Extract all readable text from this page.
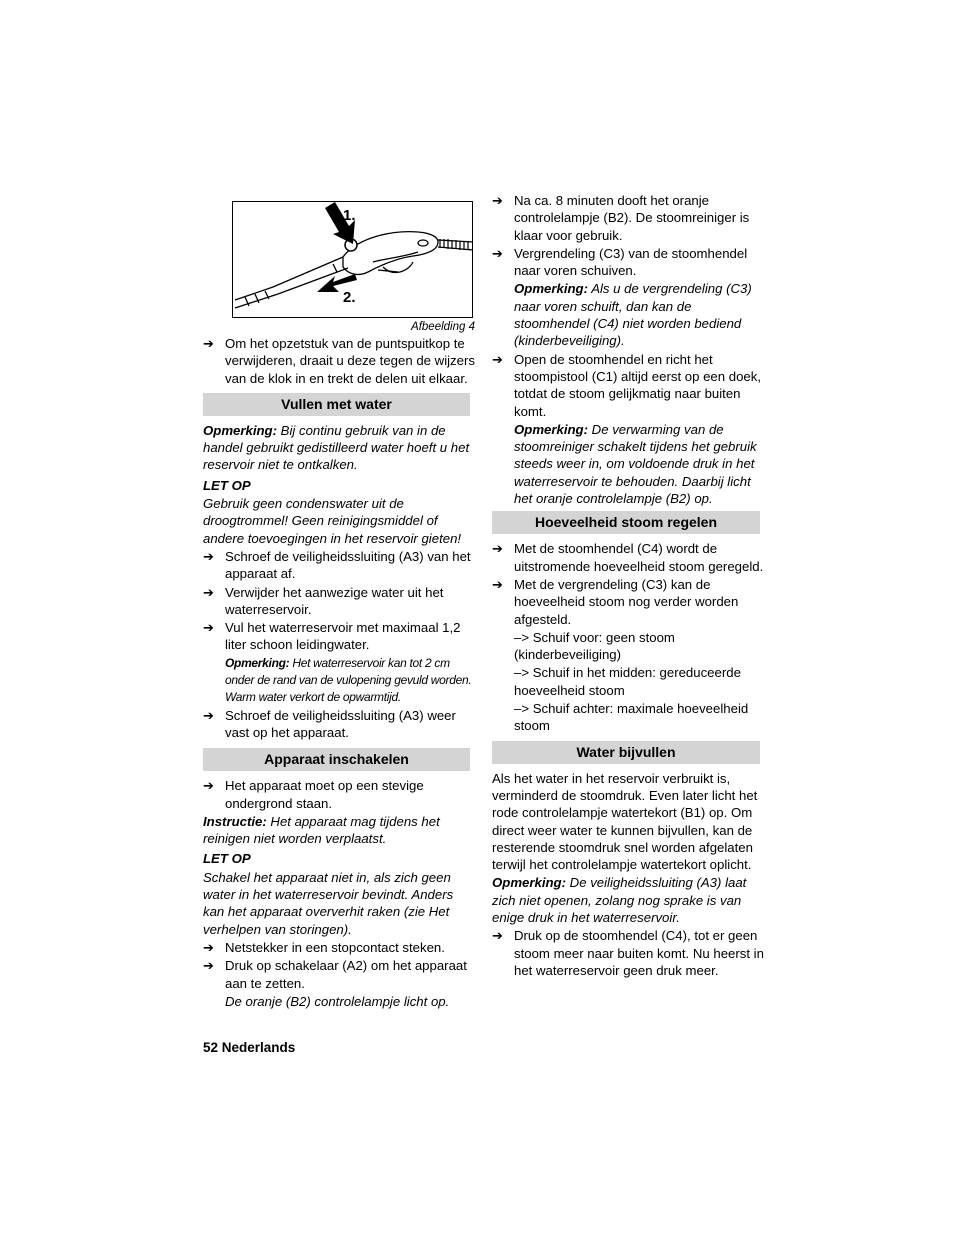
1.
2.
Afbeelding 4
➔ Om het opzetstuk van de puntspuitkop te verwijderen, draait u deze tegen de wijzers van de klok in en trekt de delen uit elkaar.
Vullen met water
Opmerking: Bij continu gebruik van in de handel gebruikt gedistilleerd water hoeft u het reservoir niet te ontkalken.
LET OP
Gebruik geen condenswater uit de droogtrommel! Geen reinigingsmiddel of andere toevoegingen in het reservoir gieten!
➔ Schroef de veiligheidssluiting (A3) van het apparaat af.
➔ Verwijder het aanwezige water uit het waterreservoir.
➔ Vul het waterreservoir met maximaal 1,2 liter schoon leidingwater.
Opmerking: Het waterreservoir kan tot 2 cm onder de rand van de vulopening gevuld worden. Warm water verkort de opwarmtijd.
➔ Schroef de veiligheidssluiting (A3) weer vast op het apparaat.
Apparaat inschakelen
➔ Het apparaat moet op een stevige ondergrond staan.
Instructie: Het apparaat mag tijdens het reinigen niet worden verplaatst.
LET OP
Schakel het apparaat niet in, als zich geen water in het waterreservoir bevindt. Anders kan het apparaat oververhit raken (zie Het verhelpen van storingen).
➔ Netstekker in een stopcontact steken.
➔ Druk op schakelaar (A2) om het apparaat aan te zetten.
De oranje (B2) controlelampje licht op.
➔ Na ca. 8 minuten dooft het oranje controlelampje (B2). De stoomreiniger is klaar voor gebruik.
➔ Vergrendeling (C3) van de stoomhendel naar voren schuiven.
Opmerking: Als u de vergrendeling (C3) naar voren schuift, dan kan de stoomhendel (C4) niet worden bediend (kinderbeveiliging).
➔ Open de stoomhendel en richt het stoompistool (C1) altijd eerst op een doek, totdat de stoom gelijkmatig naar buiten komt.
Opmerking: De verwarming van de stoomreiniger schakelt tijdens het gebruik steeds weer in, om voldoende druk in het waterreservoir te behouden. Daarbij licht het oranje controlelampje (B2) op.
Hoeveelheid stoom regelen
➔ Met de stoomhendel (C4) wordt de uitstromende hoeveelheid stoom geregeld.
➔ Met de vergrendeling (C3) kan de hoeveelheid stoom nog verder worden afgesteld.
–> Schuif voor: geen stoom (kinderbeveiliging)
–> Schuif in het midden: gereduceerde hoeveelheid stoom
–> Schuif achter: maximale hoeveelheid stoom
Water bijvullen
Als het water in het reservoir verbruikt is, verminderd de stoomdruk. Even later licht het rode controlelampje watertekort (B1) op. Om direct weer water te kunnen bijvullen, kan de resterende stoomdruk snel worden afgelaten terwijl het controlelampje watertekort oplicht.
Opmerking: De veiligheidssluiting (A3) laat zich niet openen, zolang nog sprake is van enige druk in het waterreservoir.
➔ Druk op de stoomhendel (C4), tot er geen stoom meer naar buiten komt. Nu heerst in het waterreservoir geen druk meer.
52 Nederlands
